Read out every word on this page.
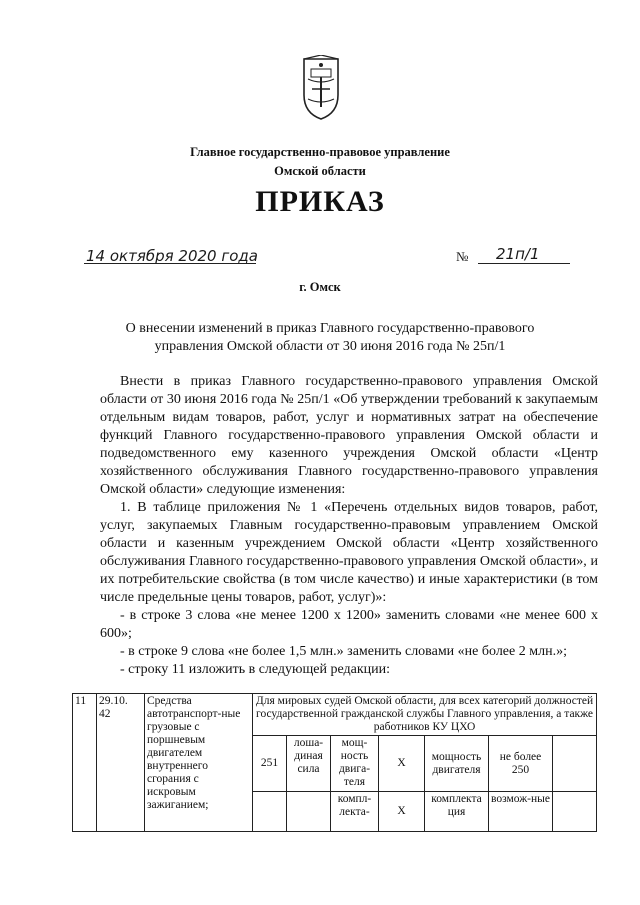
Главное государственно-правовое управление
Омской области
ПРИКАЗ
14 октября 2020 года	№ 21п/1
г. Омск
О внесении изменений в приказ Главного государственно-правового
управления Омской области от 30 июня 2016 года № 25п/1

Внести в приказ Главного государственно-правового управления Омской области от 30 июня 2016 года № 25п/1 «Об утверждении требований к закупаемым отдельным видам товаров, работ, услуг и нормативных затрат на обеспечение функций Главного государственно-правового управления Омской области и подведомственного ему казенного учреждения Омской области «Центр хозяйственного обслуживания Главного государственно-правового управления Омской области» следующие изменения:

1. В таблице приложения № 1 «Перечень отдельных видов товаров, работ, услуг, закупаемых Главным государственно-правовым управлением Омской области и казенным учреждением Омской области «Центр хозяйственного обслуживания Главного государственно-правового управления Омской области», и их потребительские свойства (в том числе качество) и иные характеристики (в том числе предельные цены товаров, работ, услуг)»:

- в строке 3 слова «не менее 1200 х 1200» заменить словами «не менее 600 х 600»;

- в строке 9 слова «не более 1,5 млн.» заменить словами «не более 2 млн.»;

- строку 11 изложить в следующей редакции:

11	29.10. 42	Средства автотранспорт-ные грузовые с поршневым двигателем внутреннего сгорания с искровым зажиганием;	Для мировых судей Омской области, для всех категорий должностей государственной гражданской службы Главного управления, а также работников КУ ЦХО						
			251	лоша-диная сила	мощ-ность двига-теля	Х	мощность двигателя	не более 250	
					компл-лекта-	Х	комплекта ция	возмож-ные	
